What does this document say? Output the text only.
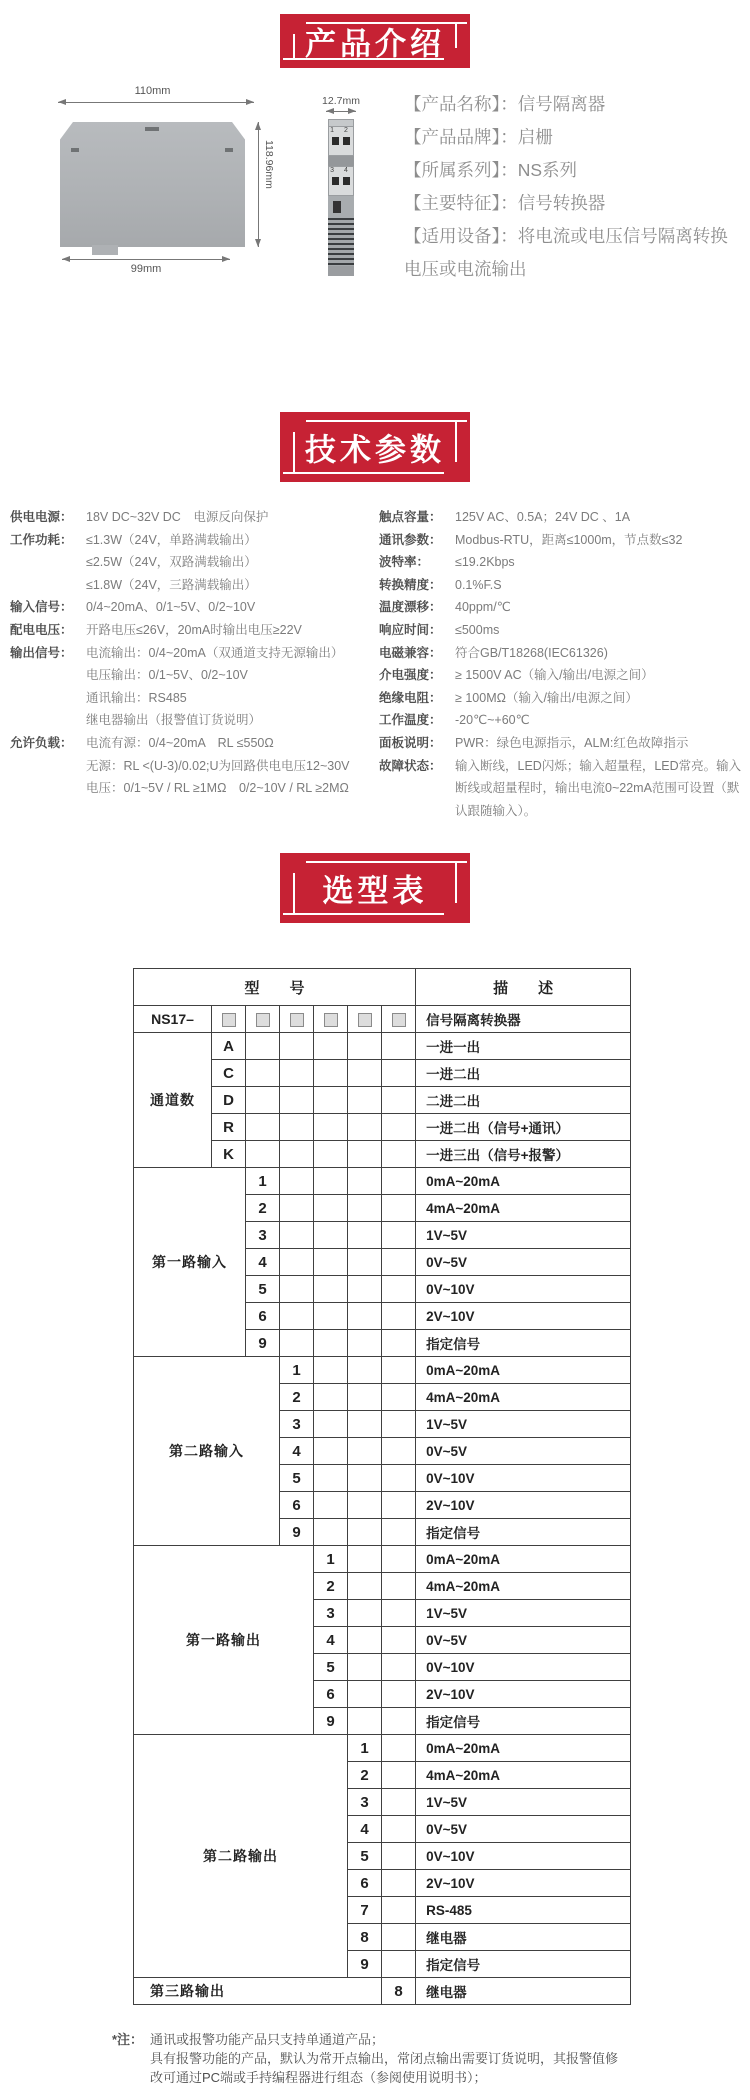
产品介绍
110mm
118.96mm
99mm
12.7mm
1 2
3 4
【产品名称】：信号隔离器
【产品品牌】：启栅
【所属系列】：NS系列
【主要特征】：信号转换器
【适用设备】：将电流或电压信号隔离转换
电压或电流输出
技术参数
供电电源：	18V DC~32V DC　电源反向保护
工作功耗：	≤1.3W（24V，单路满载输出）
≤2.5W（24V，双路满载输出）
≤1.8W（24V，三路满载输出）
输入信号：	0/4~20mA、0/1~5V、0/2~10V
配电电压：	开路电压≤26V，20mA时输出电压≥22V
输出信号：	电流输出：0/4~20mA（双通道支持无源输出）
电压输出：0/1~5V、0/2~10V
通讯输出：RS485
继电器输出（报警值订货说明）
允许负载：	电流有源：0/4~20mA　RL ≤550Ω
无源：RL <(U-3)/0.02;U为回路供电电压12~30V
电压：0/1~5V / RL ≥1MΩ　0/2~10V / RL ≥2MΩ
触点容量：	125V AC、0.5A；24V DC 、1A
通讯参数：	Modbus-RTU，距离≤1000m，节点数≤32
波特率：	≤19.2Kbps
转换精度：	0.1%F.S
温度漂移：	40ppm/℃
响应时间：	≤500ms
电磁兼容：	符合GB/T18268(IEC61326)
介电强度：	≥ 1500V AC（输入/输出/电源之间）
绝缘电阻：	≥ 100MΩ（输入/输出/电源之间）
工作温度：	-20℃~+60℃
面板说明：	PWR：绿色电源指示，ALM:红色故障指示
故障状态：	输入断线，LED闪烁；输入超量程，LED常亮。输入
断线或超量程时，输出电流0~22mA范围可设置（默
认跟随输入）。
选型表
型　　号							描　　述
NS17–							信号隔离转换器
通道数	A						一进一出
	C						一进二出
	D						二进二出
	R						一进二出（信号+通讯）
	K						一进三出（信号+报警）
第一路输入		1					0mA~20mA
		2					4mA~20mA
		3					1V~5V
		4					0V~5V
		5					0V~10V
		6					2V~10V
		9					指定信号
第二路输入			1				0mA~20mA
			2				4mA~20mA
			3				1V~5V
			4				0V~5V
			5				0V~10V
			6				2V~10V
			9				指定信号
第一路输出				1			0mA~20mA
				2			4mA~20mA
				3			1V~5V
				4			0V~5V
				5			0V~10V
				6			2V~10V
				9			指定信号
第二路输出					1		0mA~20mA
					2		4mA~20mA
					3		1V~5V
					4		0V~5V
					5		0V~10V
					6		2V~10V
					7		RS-485
					8		继电器
					9		指定信号
第三路输出						8	继电器
*注： 通讯或报警功能产品只支持单通道产品；
具有报警功能的产品，默认为常开点输出，常闭点输出需要订货说明，其报警值修
改可通过PC端或手持编程器进行组态（参阅使用说明书）；
